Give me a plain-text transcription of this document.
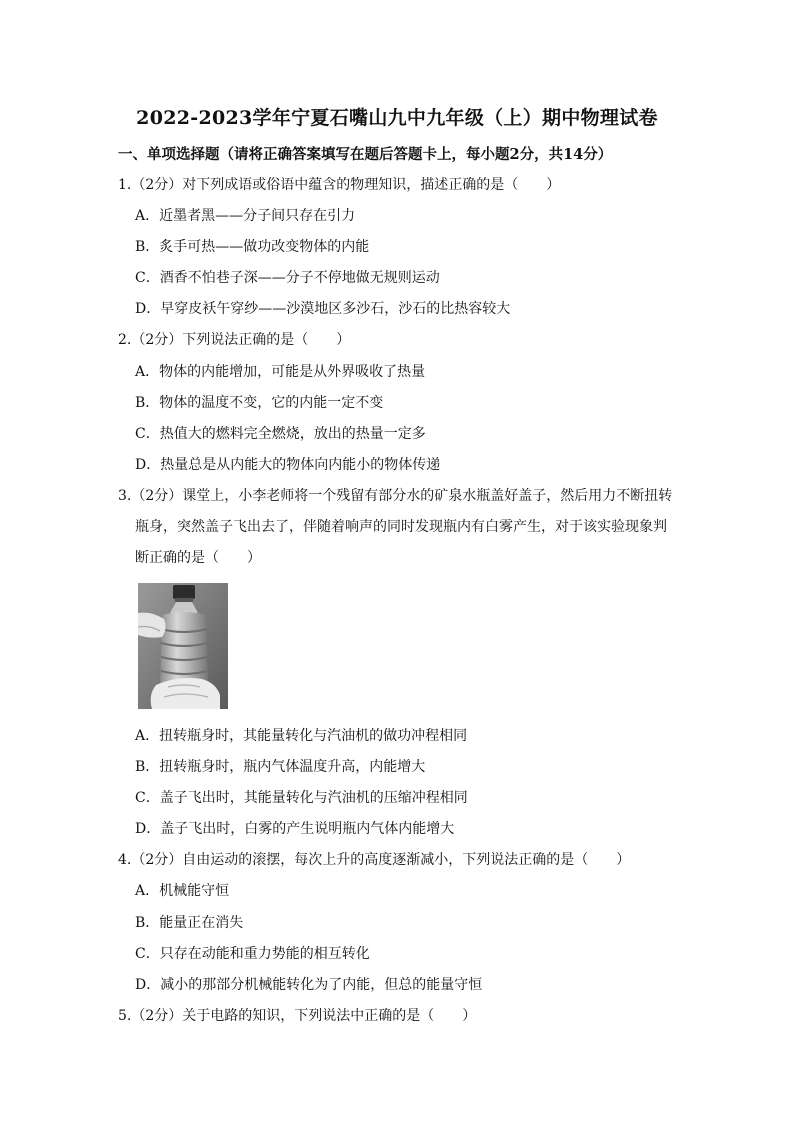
2022-2023学年宁夏石嘴山九中九年级（上）期中物理试卷
一、单项选择题（请将正确答案填写在题后答题卡上，每小题2分，共14分）
1.（2分）对下列成语或俗语中蕴含的物理知识，描述正确的是（　　）
A．近墨者黑——分子间只存在引力
B．炙手可热——做功改变物体的内能
C．酒香不怕巷子深——分子不停地做无规则运动
D．早穿皮袄午穿纱——沙漠地区多沙石，沙石的比热容较大
2.（2分）下列说法正确的是（　　）
A．物体的内能增加，可能是从外界吸收了热量
B．物体的温度不变，它的内能一定不变
C．热值大的燃料完全燃烧，放出的热量一定多
D．热量总是从内能大的物体向内能小的物体传递
3.（2分）课堂上，小李老师将一个残留有部分水的矿泉水瓶盖好盖子，然后用力不断扭转
瓶身，突然盖子飞出去了，伴随着响声的同时发现瓶内有白雾产生，对于该实验现象判
断正确的是（　　）
A．扭转瓶身时，其能量转化与汽油机的做功冲程相同
B．扭转瓶身时，瓶内气体温度升高，内能增大
C．盖子飞出时，其能量转化与汽油机的压缩冲程相同
D．盖子飞出时，白雾的产生说明瓶内气体内能增大
4.（2分）自由运动的滚摆，每次上升的高度逐渐减小，下列说法正确的是（　　）
A．机械能守恒
B．能量正在消失
C．只存在动能和重力势能的相互转化
D．减小的那部分机械能转化为了内能，但总的能量守恒
5.（2分）关于电路的知识，下列说法中正确的是（　　）
